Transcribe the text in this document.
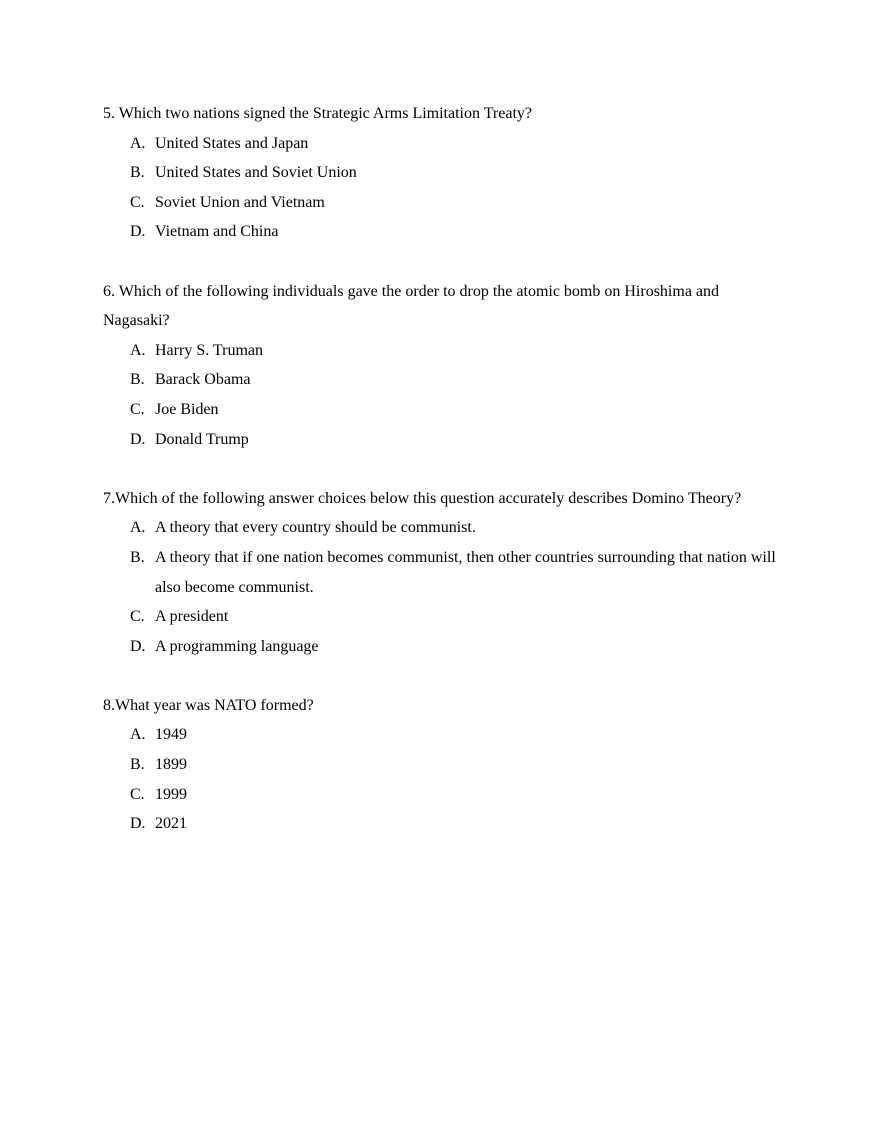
5. Which two nations signed the Strategic Arms Limitation Treaty?

A. United States and Japan
B. United States and Soviet Union
C. Soviet Union and Vietnam
D. Vietnam and China

6. Which of the following individuals gave the order to drop the atomic bomb on Hiroshima and Nagasaki?

A. Harry S. Truman
B. Barack Obama
C. Joe Biden
D. Donald Trump

7.Which of the following answer choices below this question accurately describes Domino Theory?

A. A theory that every country should be communist.
B. A theory that if one nation becomes communist, then other countries surrounding that nation will also become communist.
C. A president
D. A programming language

8.What year was NATO formed?

A. 1949
B. 1899
C. 1999
D. 2021
